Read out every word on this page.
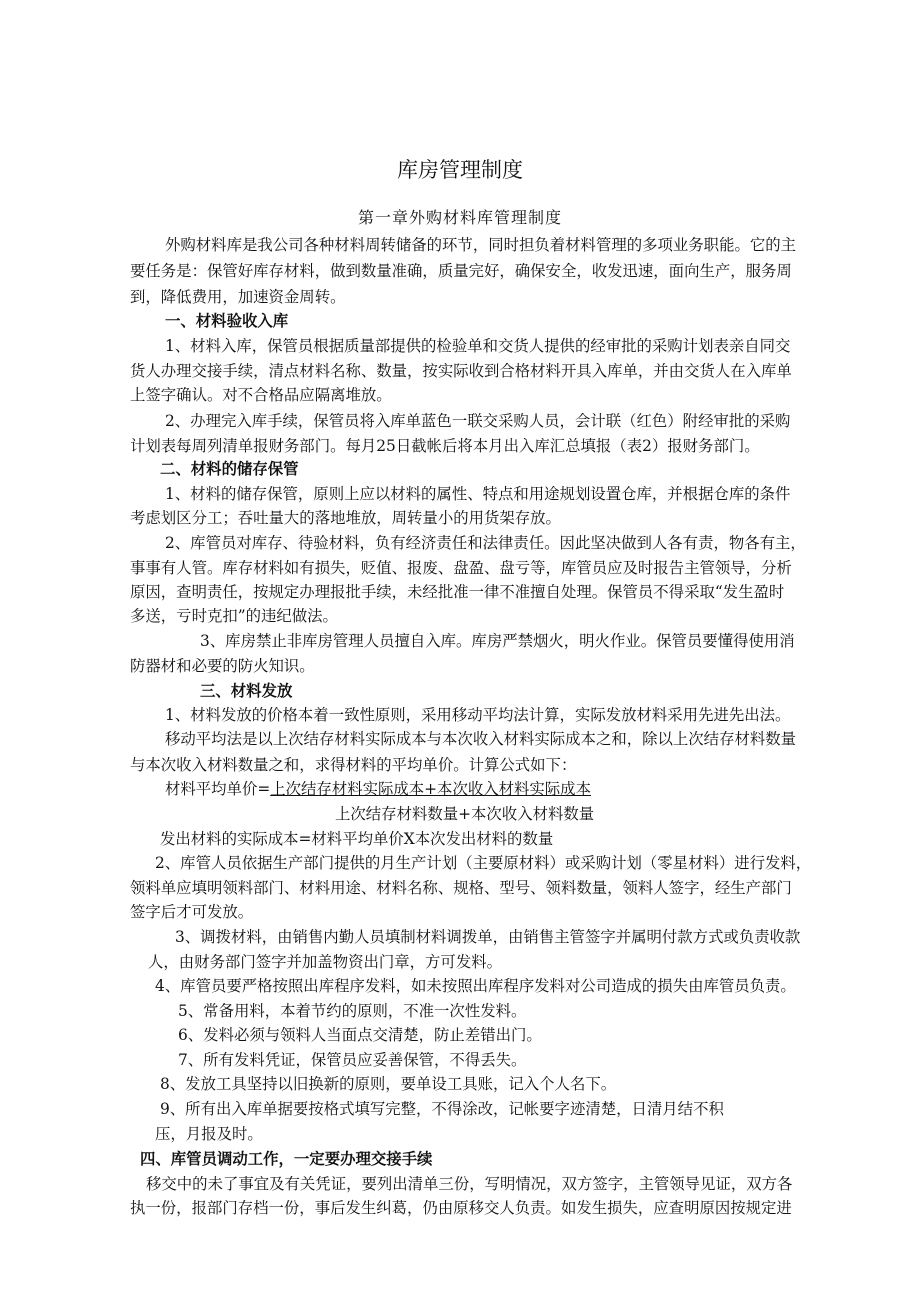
库房管理制度
第一章外购材料库管理制度
外购材料库是我公司各种材料周转储备的环节，同时担负着材料管理的多项业务职能。它的主
要任务是：保管好库存材料，做到数量准确，质量完好，确保安全，收发迅速，面向生产，服务周
到，降低费用，加速资金周转。
一、材料验收入库
1、材料入库，保管员根据质量部提供的检验单和交货人提供的经审批的采购计划表亲自同交
货人办理交接手续，清点材料名称、数量，按实际收到合格材料开具入库单，并由交货人在入库单
上签字确认。对不合格品应隔离堆放。
2、办理完入库手续，保管员将入库单蓝色一联交采购人员，会计联（红色）附经审批的采购
计划表每周列清单报财务部门。每月25日截帐后将本月出入库汇总填报（表2）报财务部门。
二、材料的储存保管
1、材料的储存保管，原则上应以材料的属性、特点和用途规划设置仓库，并根据仓库的条件
考虑划区分工；吞吐量大的落地堆放，周转量小的用货架存放。
2、库管员对库存、待验材料，负有经济责任和法律责任。因此坚决做到人各有责，物各有主，
事事有人管。库存材料如有损失，贬值、报废、盘盈、盘亏等，库管员应及时报告主管领导，分析
原因，查明责任，按规定办理报批手续，未经批准一律不准擅自处理。保管员不得采取“发生盈时
多送，亏时克扣”的违纪做法。
3、库房禁止非库房管理人员擅自入库。库房严禁烟火，明火作业。保管员要懂得使用消
防器材和必要的防火知识。
三、材料发放
1、材料发放的价格本着一致性原则，采用移动平均法计算，实际发放材料采用先进先出法。
移动平均法是以上次结存材料实际成本与本次收入材料实际成本之和，除以上次结存材料数量
与本次收入材料数量之和，求得材料的平均单价。计算公式如下：
材料平均单价=上次结存材料实际成本+本次收入材料实际成本
上次结存材料数量+本次收入材料数量
发出材料的实际成本=材料平均单价X本次发出材料的数量
2、库管人员依据生产部门提供的月生产计划（主要原材料）或采购计划（零星材料）进行发料，
领料单应填明领料部门、材料用途、材料名称、规格、型号、领料数量，领料人签字，经生产部门
签字后才可发放。
3、调拨材料，由销售内勤人员填制材料调拨单，由销售主管签字并属明付款方式或负责收款
人，由财务部门签字并加盖物资出门章，方可发料。
4、库管员要严格按照出库程序发料，如未按照出库程序发料对公司造成的损失由库管员负责。
5、常备用料，本着节约的原则，不准一次性发料。
6、发料必须与领料人当面点交清楚，防止差错出门。
7、所有发料凭证，保管员应妥善保管，不得丢失。
8、发放工具坚持以旧换新的原则，要单设工具账，记入个人名下。
9、所有出入库单据要按格式填写完整，不得涂改，记帐要字迹清楚，日清月结不积
压，月报及时。
四、库管员调动工作，一定要办理交接手续
移交中的未了事宜及有关凭证，要列出清单三份，写明情况，双方签字，主管领导见证，双方各
执一份，报部门存档一份，事后发生纠葛，仍由原移交人负责。如发生损失，应查明原因按规定进
